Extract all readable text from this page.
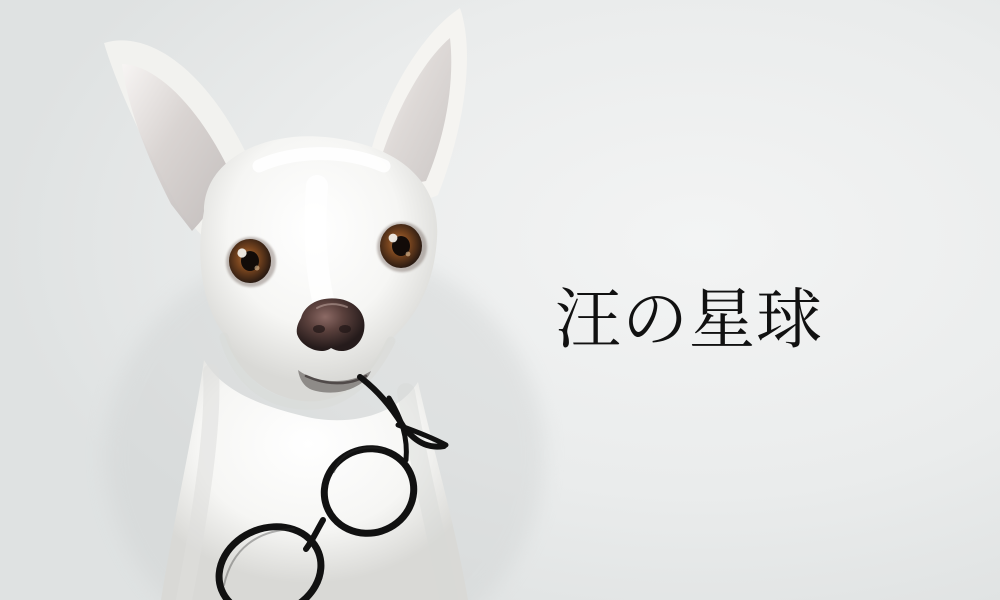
汪の星球
